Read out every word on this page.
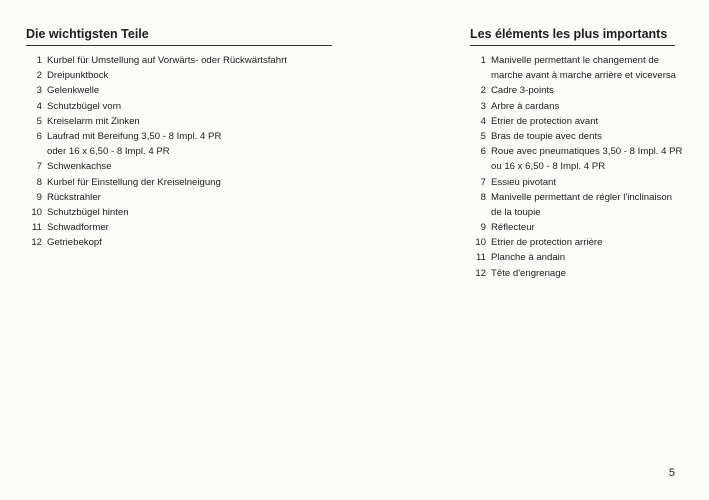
Die wichtigsten Teile
1 Kurbel für Umstellung auf Vorwärts- oder Rückwärtsfahrt
2 Dreipunktbock
3 Gelenkwelle
4 Schutzbügel vorn
5 Kreiselarm mit Zinken
6 Laufrad mit Bereifung 3,50 - 8 Impl. 4 PR
oder 16 x 6,50 - 8 Impl. 4 PR
7 Schwenkachse
8 Kurbel für Einstellung der Kreiselneigung
9 Rückstrahler
10 Schutzbügel hinten
11 Schwadformer
12 Getriebekopf
Les éléments les plus importants
1 Manivelle permettant le changement de
marche avant à marche arrière et viceversa
2 Cadre 3-points
3 Arbre à cardans
4 Etrier de protection avant
5 Bras de toupie avec dents
6 Roue avec pneumatiques 3,50 - 8 Impl. 4 PR
ou 16 x 6,50 - 8 Impl. 4 PR
7 Essieu pivotant
8 Manivelle permettant de régler l'inclinaison
de la toupie
9 Réflecteur
10 Etrier de protection arrière
11 Planche à andain
12 Tête d'engrenage
5
